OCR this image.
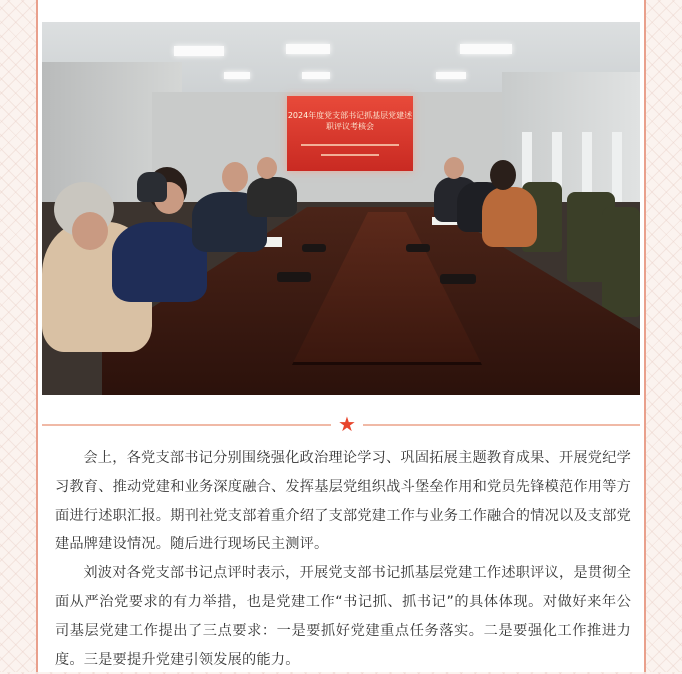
2024年度党支部书记抓基层党建述职评议考核会
★

会上，各党支部书记分别围绕强化政治理论学习、巩固拓展主题教育成果、开展党纪学习教育、推动党建和业务深度融合、发挥基层党组织战斗堡垒作用和党员先锋模范作用等方面进行述职汇报。期刊社党支部着重介绍了支部党建工作与业务工作融合的情况以及支部党建品牌建设情况。随后进行现场民主测评。

刘波对各党支部书记点评时表示，开展党支部书记抓基层党建工作述职评议，是贯彻全面从严治党要求的有力举措，也是党建工作“书记抓、抓书记”的具体体现。对做好来年公司基层党建工作提出了三点要求：一是要抓好党建重点任务落实。二是要强化工作推进力度。三是要提升党建引领发展的能力。
